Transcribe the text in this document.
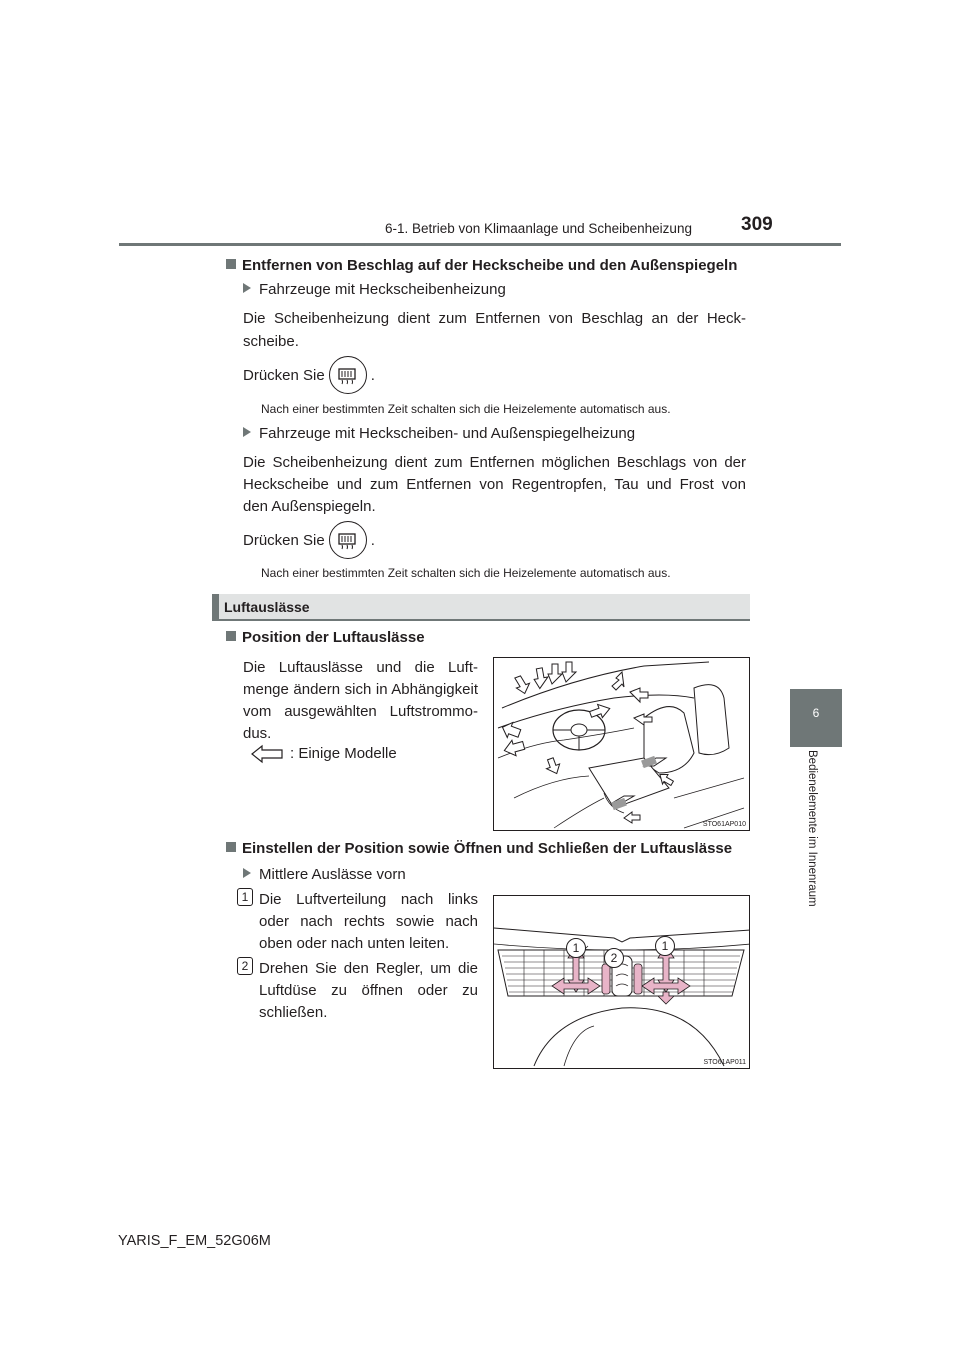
6-1. Betrieb von Klimaanlage und Scheibenheizung	309
6
Bedienelemente im Innenraum
Entfernen von Beschlag auf der Heckscheibe und den Außenspiegeln
Fahrzeuge mit Heckscheibenheizung
Die Scheibenheizung dient zum Entfernen von Beschlag an der Heck-
scheibe.
Drücken Sie	.
Nach einer bestimmten Zeit schalten sich die Heizelemente automatisch aus.
Fahrzeuge mit Heckscheiben- und Außenspiegelheizung
Die Scheibenheizung dient zum Entfernen möglichen Beschlags von der
Heckscheibe und zum Entfernen von Regentropfen, Tau und Frost von
den Außenspiegeln.
Drücken Sie	.
Nach einer bestimmten Zeit schalten sich die Heizelemente automatisch aus.
Luftauslässe
Position der Luftauslässe
Die Luftauslässe und die Luft-
menge ändern sich in Abhängigkeit
vom ausgewählten Luftstrommo-
dus.
: Einige Modelle
STO61AP010
Einstellen der Position sowie Öffnen und Schließen der Luftauslässe
Mittlere Auslässe vorn
1 Die Luftverteilung nach links
oder nach rechts sowie nach
oben oder nach unten leiten.
2 Drehen Sie den Regler, um die
Luftdüse zu öffnen oder zu
schließen.
1
2
1
STO61AP011
YARIS_F_EM_52G06M
